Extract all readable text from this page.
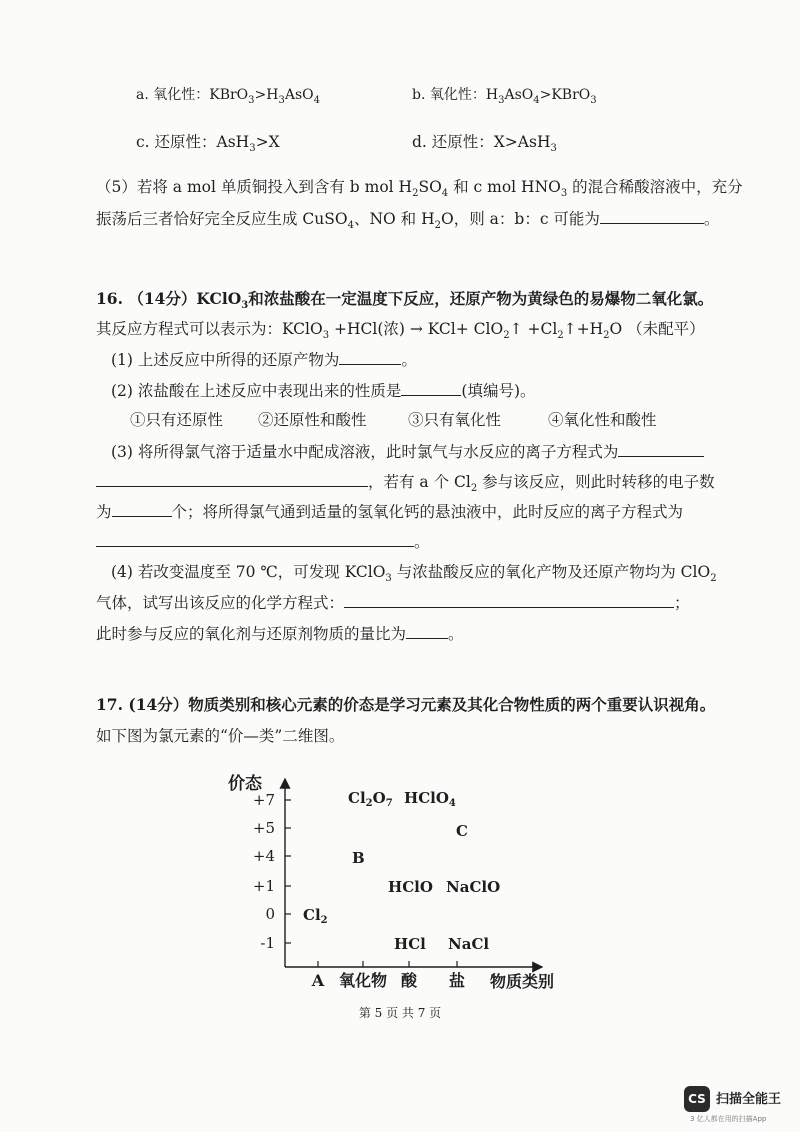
a. 氧化性：$KBrO_3>H_3AsO_4$	b. 氧化性：$H_3AsO_4>KBrO_3$
c. 还原性：AsH$_3$>X	d. 还原性：X>AsH$_3$
（5）若将 a mol 单质铜投入到含有 b mol $H_2SO_4$ 和 c mol $HNO_3$ 的混合稀酸溶液中，充分
振荡后三者恰好完全反应生成 CuSO$_4$、NO 和 $H_2O$，则 a：b：c 可能为	。
16. （14分）KClO$_3$和浓盐酸在一定温度下反应，还原产物为黄绿色的易爆物二氧化氯。
其反应方程式可以表示为：KClO$_3$ +HCl(浓) → KCl+ ClO$_2$↑ $+Cl_2↑+H_2O$ （未配平）
(1) 上述反应中所得的还原产物为	。
(2) 浓盐酸在上述反应中表现出来的性质是	(填编号)。
①只有还原性 ②还原性和酸性	③只有氧化性	④氧化性和酸性
(3) 将所得氯气溶于适量水中配成溶液，此时氯气与水反应的离子方程式为
，若有 a 个 $Cl_2$ 参与该反应，则此时转移的电子数
为	个；将所得氯气通到适量的氢氧化钙的悬浊液中，此时反应的离子方程式为
。
(4) 若改变温度至 70 ℃，可发现 KClO$_3$ 与浓盐酸反应的氧化产物及还原产物均为 ClO$_2$
气体，试写出该反应的化学方程式：	；
此时参与反应的氧化剂与还原剂物质的量比为	。
17. (14分）物质类别和核心元素的价态是学习元素及其化合物性质的两个重要认识视角。
如下图为氯元素的“价—类”二维图。
价态
+7
+5
+4
+1
0
-1
A 氧化物 酸 盐 物质类别
Cl2O7 HClO4
C
B
HClO NaClO
Cl2
HCl NaCl
第 5 页 共 7 页
CS 扫描全能王
3 亿人都在用的扫描App
